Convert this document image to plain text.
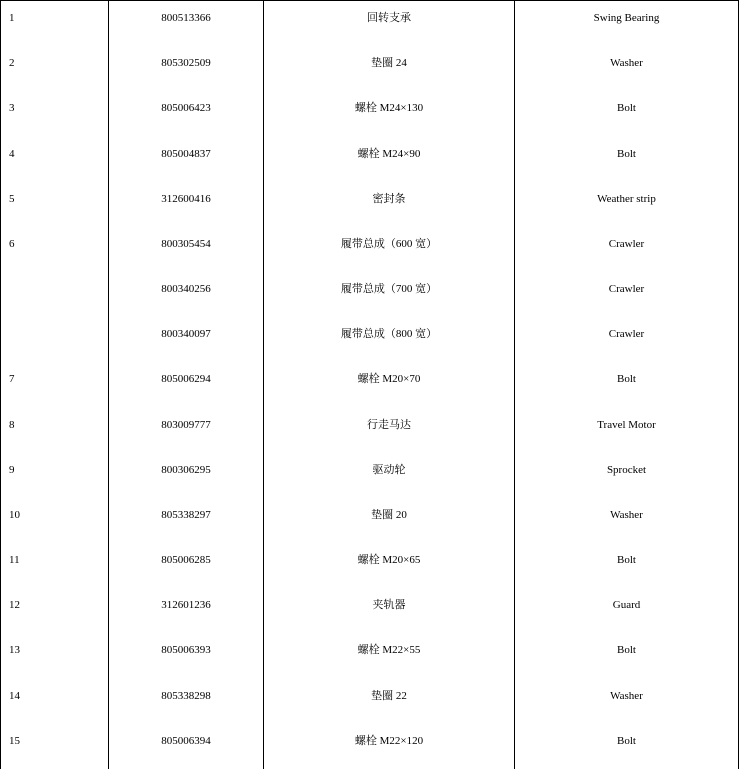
1	800513366	回转支承	Swing Bearing

2	805302509	垫圈 24	Washer

3	805006423	螺栓 M24×130	Bolt

4	805004837	螺栓 M24×90	Bolt

5	312600416	密封条	Weather strip

6	800305454	履带总成（600 宽）	Crawler

	800340256	履带总成（700 宽）	Crawler

	800340097	履带总成（800 宽）	Crawler

7	805006294	螺栓 M20×70	Bolt

8	803009777	行走马达	Travel Motor

9	800306295	驱动轮	Sprocket

10	805338297	垫圈 20	Washer

11	805006285	螺栓 M20×65	Bolt

12	312601236	夹轨器	Guard

13	805006393	螺栓 M22×55	Bolt

14	805338298	垫圈 22	Washer

15	805006394	螺栓 M22×120	Bolt
